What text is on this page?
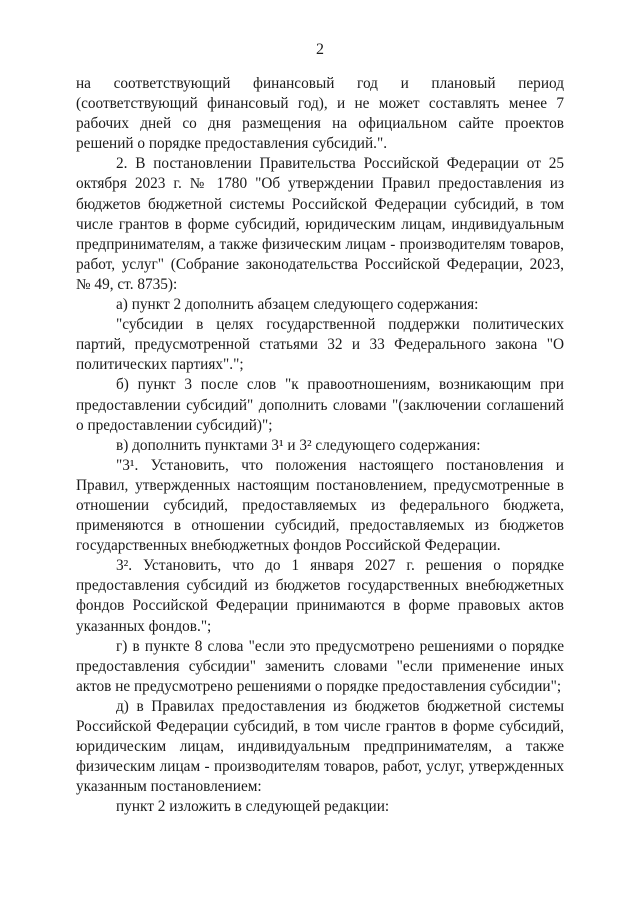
2

на соответствующий финансовый год и плановый период (соответствующий финансовый год), и не может составлять менее 7 рабочих дней со дня размещения на официальном сайте проектов решений о порядке предоставления субсидий.".

2. В постановлении Правительства Российской Федерации от 25 октября 2023 г. № 1780 "Об утверждении Правил предоставления из бюджетов бюджетной системы Российской Федерации субсидий, в том числе грантов в форме субсидий, юридическим лицам, индивидуальным предпринимателям, а также физическим лицам - производителям товаров, работ, услуг" (Собрание законодательства Российской Федерации, 2023, № 49, ст. 8735):

а) пункт 2 дополнить абзацем следующего содержания:

"субсидии в целях государственной поддержки политических партий, предусмотренной статьями 32 и 33 Федерального закона "О политических партиях".";

б) пункт 3 после слов "к правоотношениям, возникающим при предоставлении субсидий" дополнить словами "(заключении соглашений о предоставлении субсидий)";

в) дополнить пунктами 3¹ и 3² следующего содержания:

"3¹. Установить, что положения настоящего постановления и Правил, утвержденных настоящим постановлением, предусмотренные в отношении субсидий, предоставляемых из федерального бюджета, применяются в отношении субсидий, предоставляемых из бюджетов государственных внебюджетных фондов Российской Федерации.

3². Установить, что до 1 января 2027 г. решения о порядке предоставления субсидий из бюджетов государственных внебюджетных фондов Российской Федерации принимаются в форме правовых актов указанных фондов.";

г) в пункте 8 слова "если это предусмотрено решениями о порядке предоставления субсидии" заменить словами "если применение иных актов не предусмотрено решениями о порядке предоставления субсидии";

д) в Правилах предоставления из бюджетов бюджетной системы Российской Федерации субсидий, в том числе грантов в форме субсидий, юридическим лицам, индивидуальным предпринимателям, а также физическим лицам - производителям товаров, работ, услуг, утвержденных указанным постановлением:

пункт 2 изложить в следующей редакции:
